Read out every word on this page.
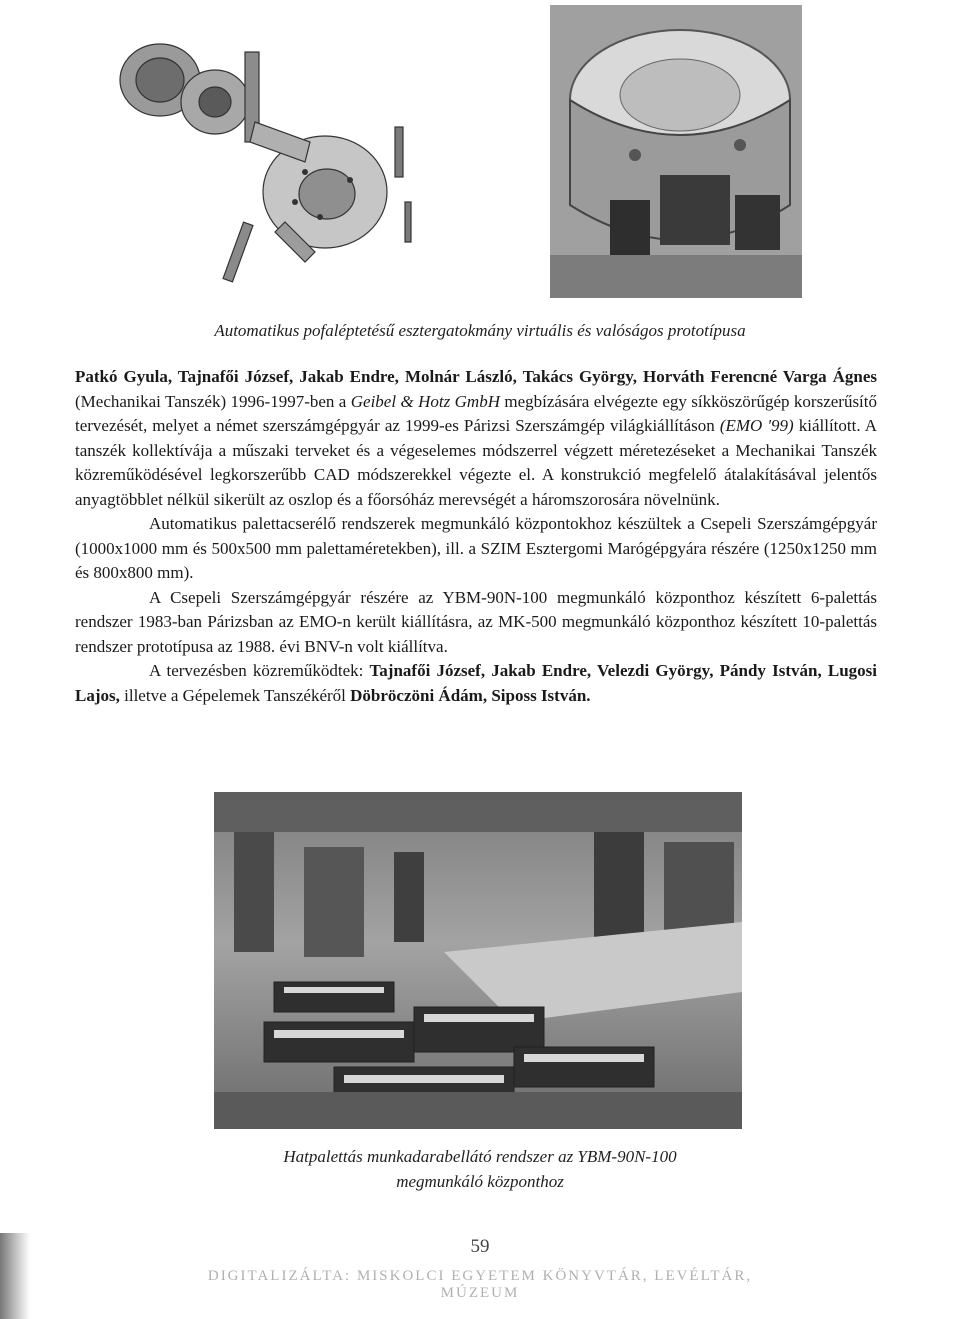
Automatikus pofaléptetésű esztergatokmány virtuális és valóságos prototípusa

Patkó Gyula, Tajnafői József, Jakab Endre, Molnár László, Takács György, Horváth Ferencné Varga Ágnes (Mechanikai Tanszék) 1996-1997-ben a Geibel & Hotz GmbH megbízására elvégezte egy síkköszörűgép korszerűsítő tervezését, melyet a német szerszámgépgyár az 1999-es Párizsi Szerszámgép világkiállításon (EMO '99) kiállított. A tanszék kollektívája a műszaki terveket és a végeselemes módszerrel végzett méretezéseket a Mechanikai Tanszék közreműködésével legkorszerűbb CAD módszerekkel végezte el. A konstrukció megfelelő átalakításával jelentős anyagtöbblet nélkül sikerült az oszlop és a főorsóház merevségét a háromszorosára növelnünk.

Automatikus palettacserélő rendszerek megmunkáló központokhoz készültek a Csepeli Szerszámgépgyár (1000x1000 mm és 500x500 mm palettaméretekben), ill. a SZIM Esztergomi Marógépgyára részére (1250x1250 mm és 800x800 mm).

A Csepeli Szerszámgépgyár részére az YBM-90N-100 megmunkáló központhoz készített 6-palettás rendszer 1983-ban Párizsban az EMO-n került kiállításra, az MK-500 megmunkáló központhoz készített 10-palettás rendszer prototípusa az 1988. évi BNV-n volt kiállítva.

A tervezésben közreműködtek: Tajnafői József, Jakab Endre, Velezdi György, Pándy István, Lugosi Lajos, illetve a Gépelemek Tanszékéről Döbröczöni Ádám, Siposs István.

Hatpalettás munkadarabellátó rendszer az YBM-90N-100
megmunkáló központhoz
59
DIGITALIZÁLTA: MISKOLCI EGYETEM KÖNYVTÁR, LEVÉLTÁR, MÚZEUM
